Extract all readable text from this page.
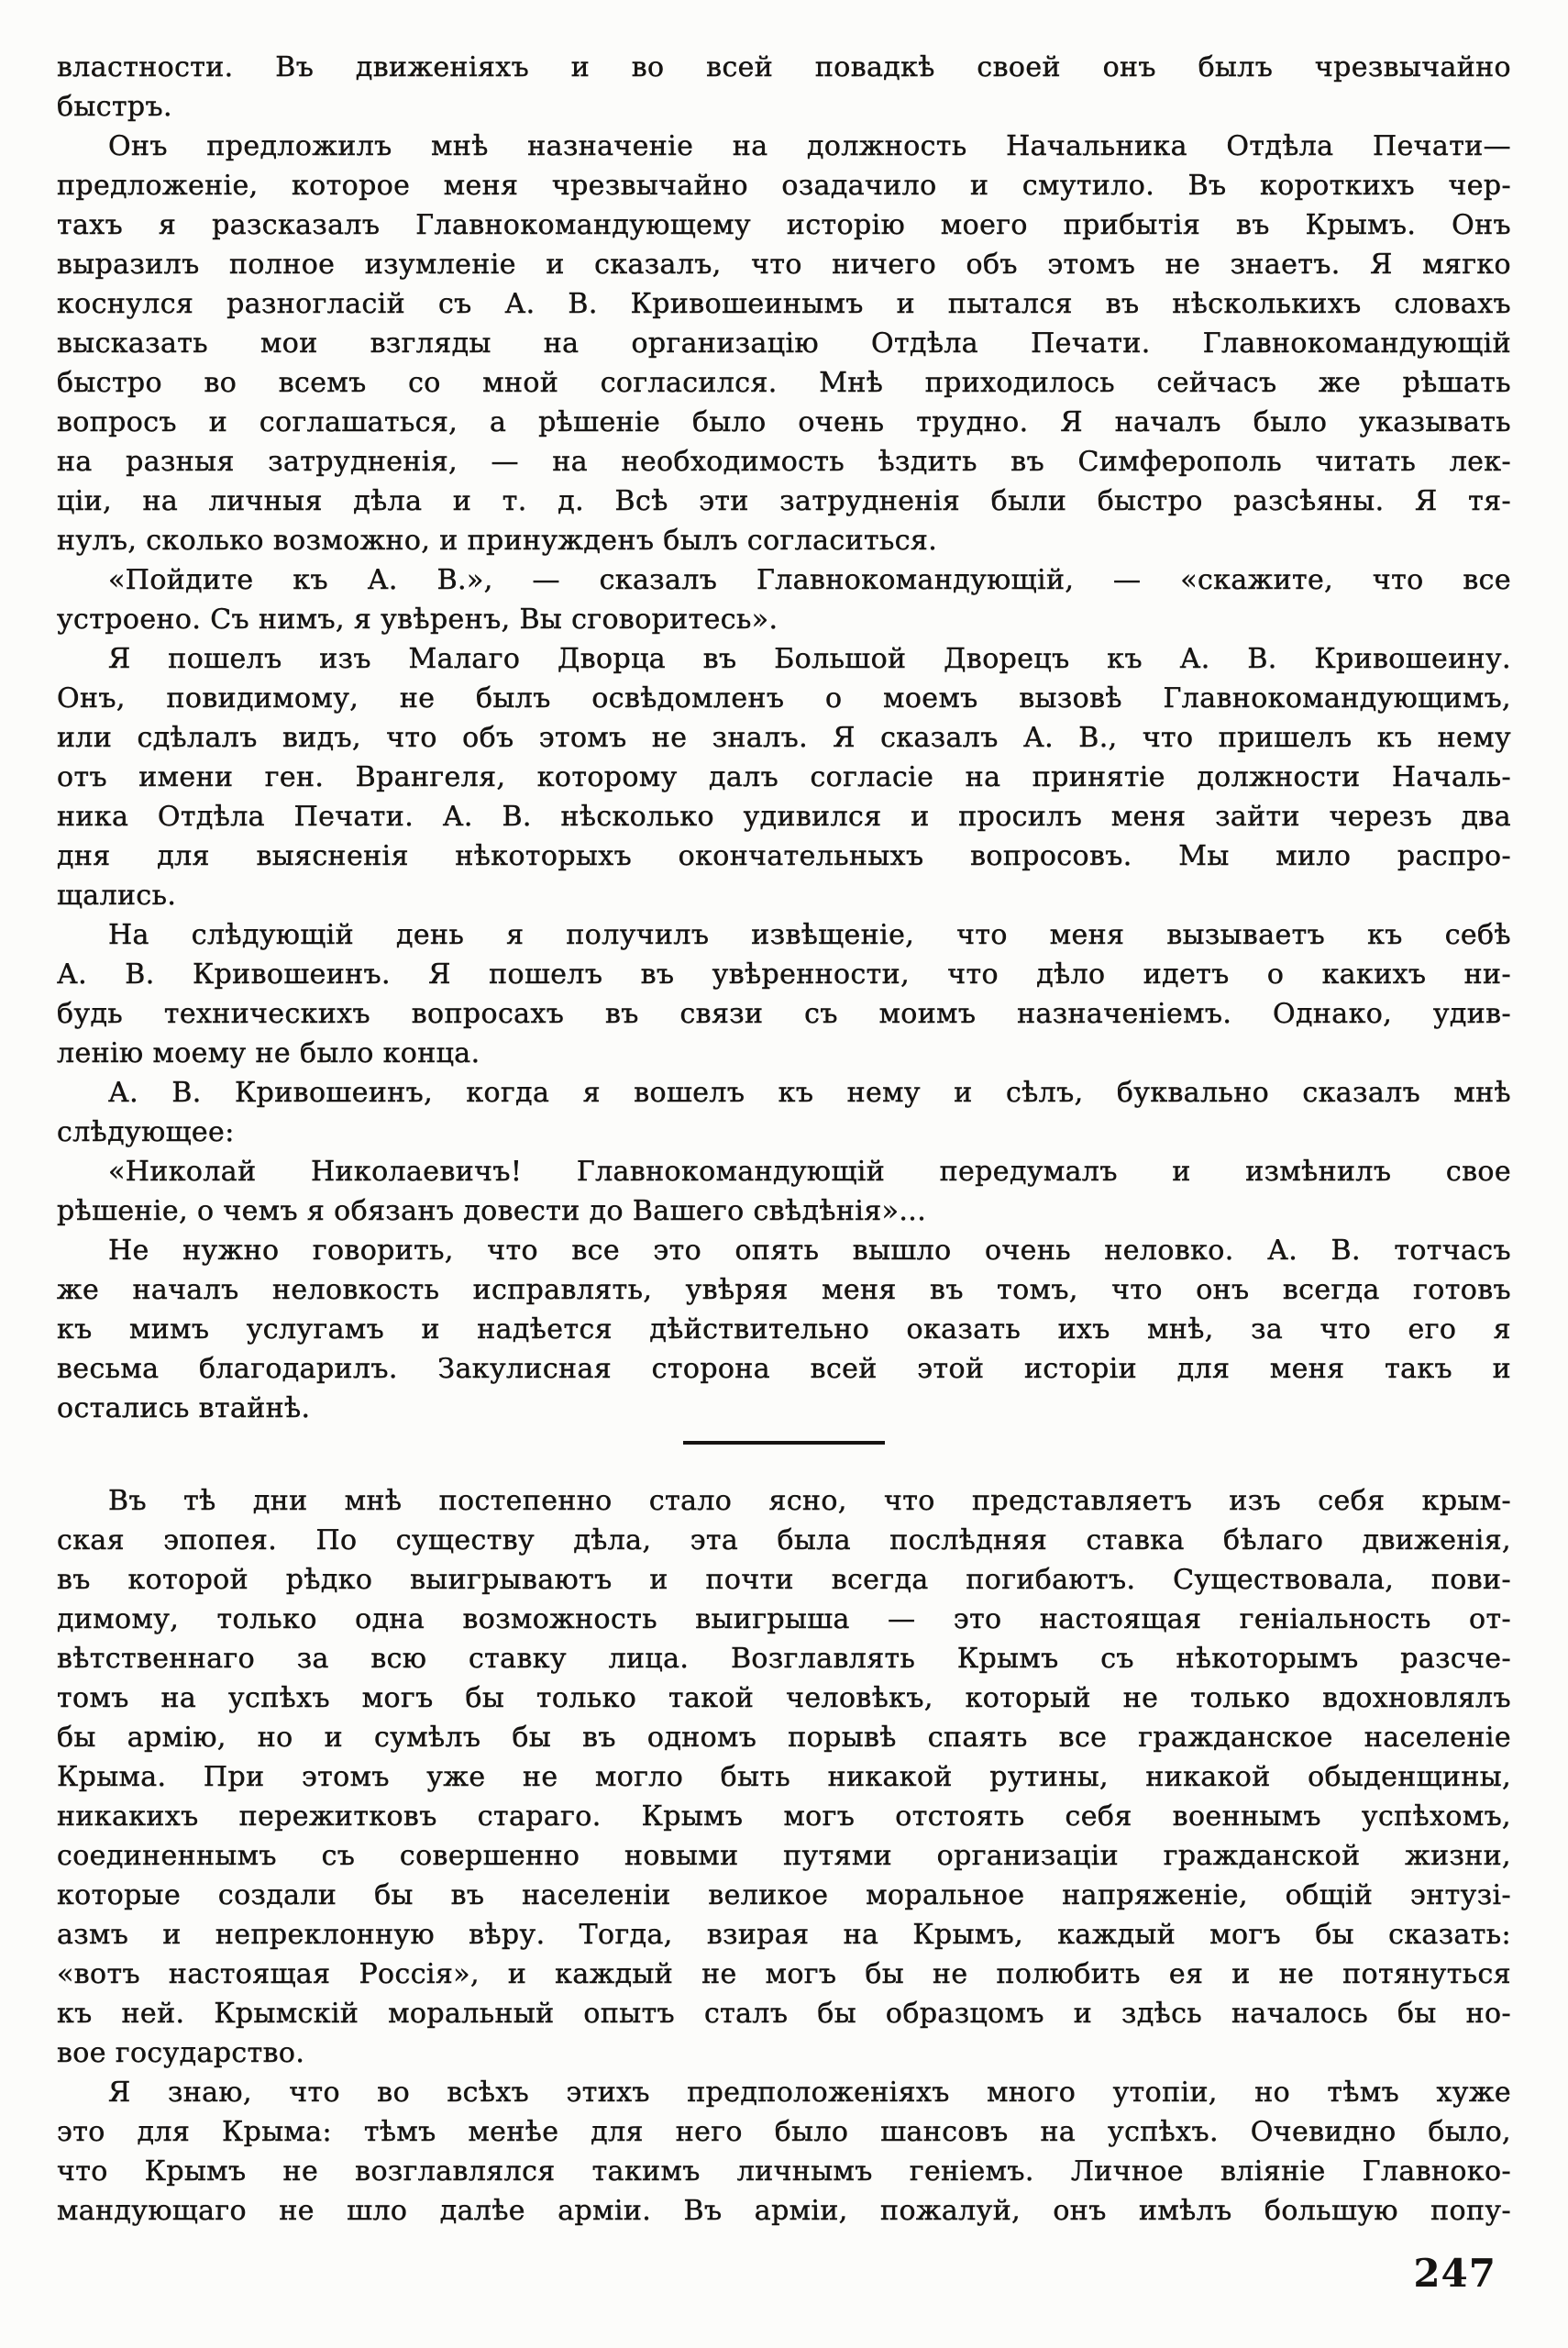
властности. Въ движеніяхъ и во всей повадкѣ своей онъ былъ чрезвычайно
быстръ.

Онъ предложилъ мнѣ назначеніе на должность Начальника Отдѣла Печати—
предложеніе, которое меня чрезвычайно озадачило и смутило. Въ короткихъ чер-
тахъ я разсказалъ Главнокомандующему исторію моего прибытія въ Крымъ. Онъ
выразилъ полное изумленіе и сказалъ, что ничего объ этомъ не знаетъ. Я мягко
коснулся разногласій съ А. В. Кривошеинымъ и пытался въ нѣсколькихъ словахъ
высказать мои взгляды на организацію Отдѣла Печати. Главнокомандующій
быстро во всемъ со мной согласился. Мнѣ приходилось сейчасъ же рѣшать
вопросъ и соглашаться, а рѣшеніе было очень трудно. Я началъ было указывать
на разныя затрудненія, — на необходимость ѣздить въ Симферополь читать лек-
ціи, на личныя дѣла и т. д. Всѣ эти затрудненія были быстро разсѣяны. Я тя-
нулъ, сколько возможно, и принужденъ былъ согласиться.

«Пойдите къ А. В.», — сказалъ Главнокомандующій, — «скажите, что все
устроено. Съ нимъ, я увѣренъ, Вы сговоритесь».

Я пошелъ изъ Малаго Дворца въ Большой Дворецъ къ А. В. Кривошеину.
Онъ, повидимому, не былъ освѣдомленъ о моемъ вызовѣ Главнокомандующимъ,
или сдѣлалъ видъ, что объ этомъ не зналъ. Я сказалъ А. В., что пришелъ къ нему
отъ имени ген. Врангеля, которому далъ согласіе на принятіе должности Началь-
ника Отдѣла Печати. А. В. нѣсколько удивился и просилъ меня зайти черезъ два
дня для выясненія нѣкоторыхъ окончательныхъ вопросовъ. Мы мило распро-
щались.

На слѣдующій день я получилъ извѣщеніе, что меня вызываетъ къ себѣ
А. В. Кривошеинъ. Я пошелъ въ увѣренности, что дѣло идетъ о какихъ ни-
будь техническихъ вопросахъ въ связи съ моимъ назначеніемъ. Однако, удив-
ленію моему не было конца.

А. В. Кривошеинъ, когда я вошелъ къ нему и сѣлъ, буквально сказалъ мнѣ
слѣдующее:

«Николай Николаевичъ! Главнокомандующій передумалъ и измѣнилъ свое
рѣшеніе, о чемъ я обязанъ довести до Вашего свѣдѣнія»...

Не нужно говорить, что все это опять вышло очень неловко. А. В. тотчасъ
же началъ неловкость исправлять, увѣряя меня въ томъ, что онъ всегда готовъ
къ мимъ услугамъ и надѣется дѣйствительно оказать ихъ мнѣ, за что его я
весьма благодарилъ. Закулисная сторона всей этой исторіи для меня такъ и
остались втайнѣ.

Въ тѣ дни мнѣ постепенно стало ясно, что представляетъ изъ себя крым-
ская эпопея. По существу дѣла, эта была послѣдняя ставка бѣлаго движенія,
въ которой рѣдко выигрываютъ и почти всегда погибаютъ. Существовала, пови-
димому, только одна возможность выигрыша — это настоящая геніальность от-
вѣтственнаго за всю ставку лица. Возглавлять Крымъ съ нѣкоторымъ разсче-
томъ на успѣхъ могъ бы только такой человѣкъ, который не только вдохновлялъ
бы армію, но и сумѣлъ бы въ одномъ порывѣ спаять все гражданское населеніе
Крыма. При этомъ уже не могло быть никакой рутины, никакой обыденщины,
никакихъ пережитковъ стараго. Крымъ могъ отстоять себя военнымъ успѣхомъ,
соединеннымъ съ совершенно новыми путями организаціи гражданской жизни,
которые создали бы въ населеніи великое моральное напряженіе, общій энтузі-
азмъ и непреклонную вѣру. Тогда, взирая на Крымъ, каждый могъ бы сказать:
«вотъ настоящая Россія», и каждый не могъ бы не полюбить ея и не потянуться
къ ней. Крымскій моральный опытъ сталъ бы образцомъ и здѣсь началось бы но-
вое государство.

Я знаю, что во всѣхъ этихъ предположеніяхъ много утопіи, но тѣмъ хуже
это для Крыма: тѣмъ менѣе для него было шансовъ на успѣхъ. Очевидно было,
что Крымъ не возглавлялся такимъ личнымъ геніемъ. Личное вліяніе Главноко-
мандующаго не шло далѣе арміи. Въ арміи, пожалуй, онъ имѣлъ большую попу-

247
